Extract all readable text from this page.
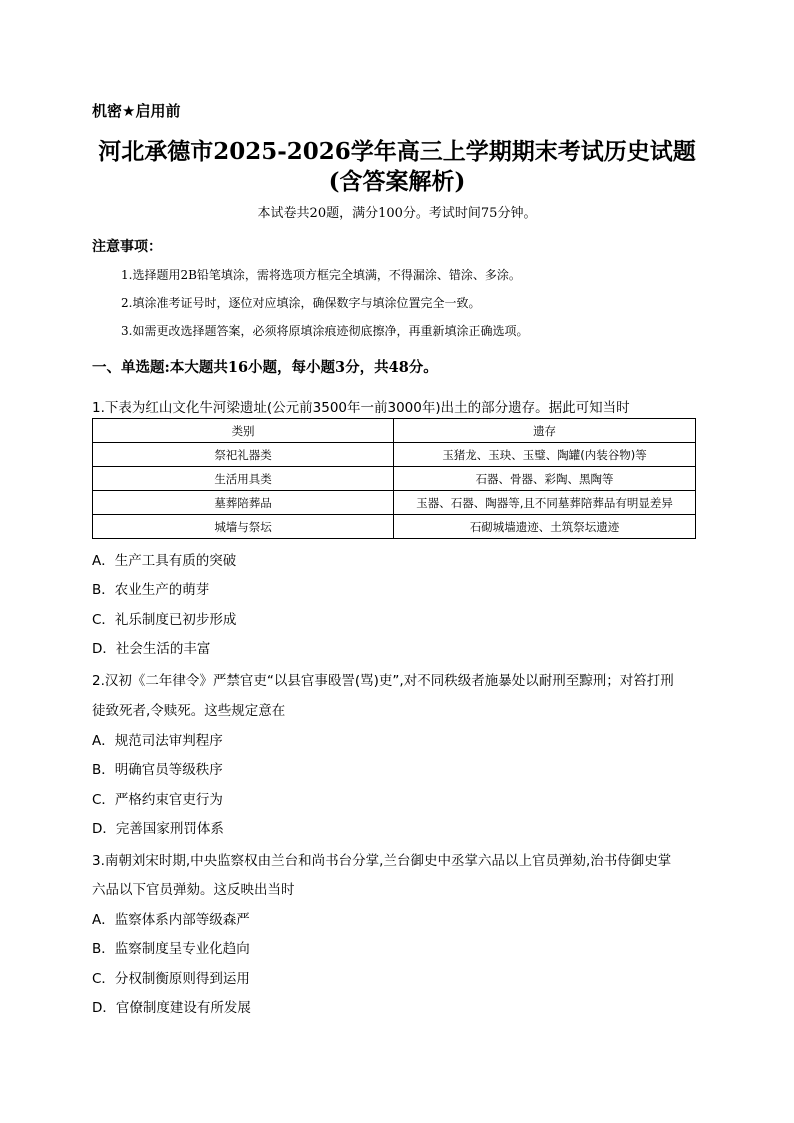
机密★启用前
河北承德市2025-2026学年高三上学期期末考试历史试题
(含答案解析)
本试卷共20题，满分100分。考试时间75分钟。
注意事项：
1.选择题用2B铅笔填涂，需将选项方框完全填满，不得漏涂、错涂、多涂。
2.填涂准考证号时，逐位对应填涂，确保数字与填涂位置完全一致。
3.如需更改选择题答案，必须将原填涂痕迹彻底擦净，再重新填涂正确选项。
一、单选题:本大题共16小题，每小题3分，共48分。
1.下表为红山文化牛河梁遗址(公元前3500年一前3000年)出土的部分遗存。据此可知当时
类别	遗存
祭祀礼器类	玉猪龙、玉玦、玉璧、陶罐(内装谷物)等
生活用具类	石器、骨器、彩陶、黑陶等
墓葬陪葬品	玉器、石器、陶器等,且不同墓葬陪葬品有明显差异
城墙与祭坛	石砌城墙遗迹、土筑祭坛遗迹
A．生产工具有质的突破
B．农业生产的萌芽
C．礼乐制度已初步形成
D．社会生活的丰富
2.汉初《二年律令》严禁官吏“以县官事殴詈(骂)吏”,对不同秩级者施暴处以耐刑至黥刑；对笞打刑
徒致死者,令赎死。这些规定意在
A．规范司法审判程序
B．明确官员等级秩序
C．严格约束官吏行为
D．完善国家刑罚体系
3.南朝刘宋时期,中央监察权由兰台和尚书台分掌,兰台御史中丞掌六品以上官员弹劾,治书侍御史掌
六品以下官员弹劾。这反映出当时
A．监察体系内部等级森严
B．监察制度呈专业化趋向
C．分权制衡原则得到运用
D．官僚制度建设有所发展
